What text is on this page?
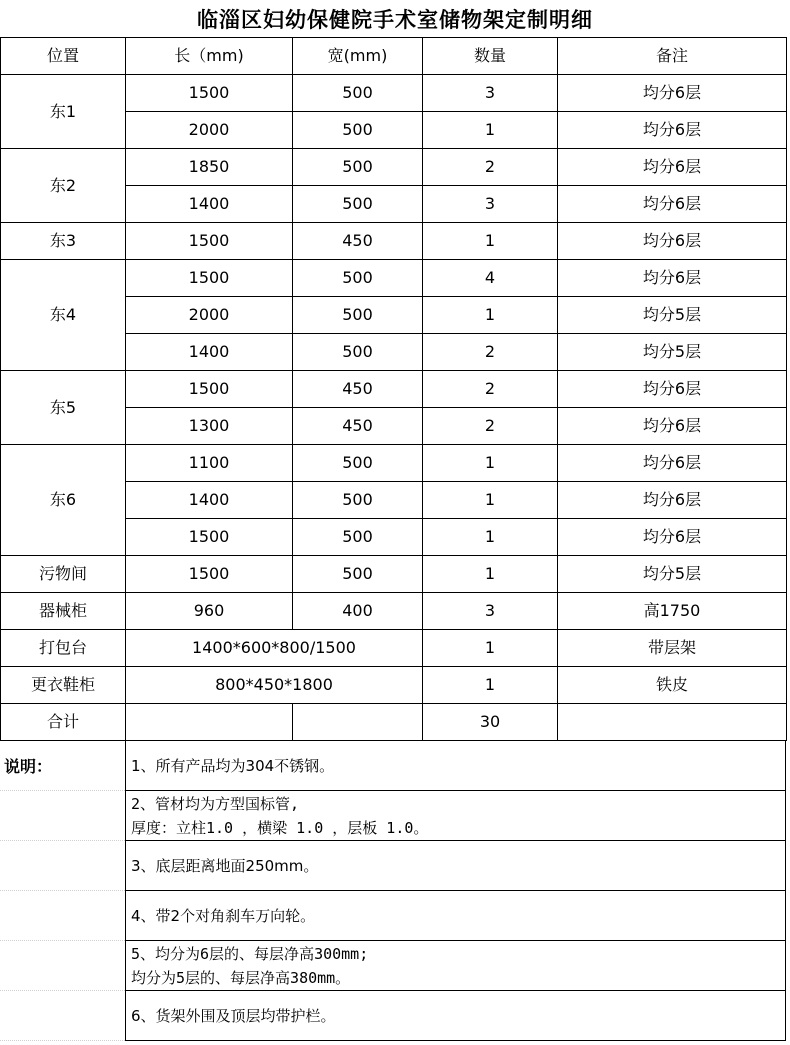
临淄区妇幼保健院手术室储物架定制明细
位置	长（mm)	宽(mm)	数量	备注
东1	1500	500	3	均分6层
	2000	500	1	均分6层
东2	1850	500	2	均分6层
	1400	500	3	均分6层
东3	1500	450	1	均分6层
东4	1500	500	4	均分6层
	2000	500	1	均分5层
	1400	500	2	均分5层
东5	1500	450	2	均分6层
	1300	450	2	均分6层
东6	1100	500	1	均分6层
	1400	500	1	均分6层
	1500	500	1	均分6层
污物间	1500	500	1	均分5层
器械柜	960	400	3	高1750
打包台	1400*600*800/1500		1	带层架
更衣鞋柜	800*450*1800		1	铁皮
合计			30	
说明：	1、所有产品均为304不锈钢。
2、管材均为方型国标管,
厚度：立柱1.0 ，横梁 1.0 ，层板 1.0。
3、底层距离地面250mm。
4、带2个对角刹车万向轮。
5、均分为6层的、每层净高300mm;
均分为5层的、每层净高380mm。
6、货架外围及顶层均带护栏。
